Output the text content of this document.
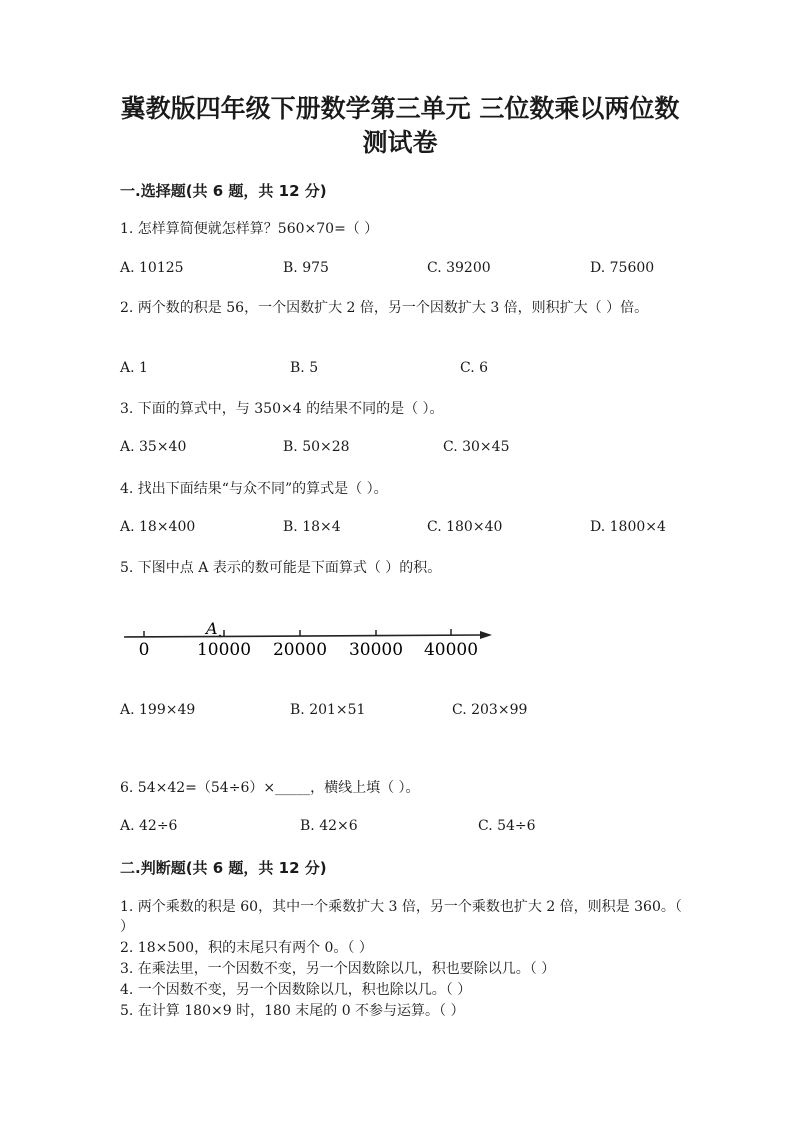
冀教版四年级下册数学第三单元 三位数乘以两位数
测试卷
一.选择题(共 6 题，共 12 分)
1. 怎样算简便就怎样算？560×70=（ ）
A. 10125	B. 975	C. 39200	D. 75600
2. 两个数的积是 56，一个因数扩大 2 倍，另一个因数扩大 3 倍，则积扩大（ ）倍。
A. 1	B. 5	C. 6
3. 下面的算式中，与 350×4 的结果不同的是（ ）。
A. 35×40	B. 50×28	C. 30×45
4. 找出下面结果“与众不同”的算式是（ ）。
A. 18×400	B. 18×4	C. 180×40	D. 1800×4
5. 下图中点 A 表示的数可能是下面算式（ ）的积。
A
0	10000 20000 30000 40000
A. 199×49	B. 201×51	C. 203×99
6. 54×42=（54÷6）×_____，横线上填（ ）。
A. 42÷6	B. 42×6	C. 54÷6
二.判断题(共 6 题，共 12 分)
1. 两个乘数的积是 60，其中一个乘数扩大 3 倍，另一个乘数也扩大 2 倍，则积是 360。（ ）
2. 18×500，积的末尾只有两个 0。（ ）
3. 在乘法里，一个因数不变，另一个因数除以几，积也要除以几。（ ）
4. 一个因数不变，另一个因数除以几，积也除以几。（ ）
5. 在计算 180×9 时，180 末尾的 0 不参与运算。（ ）
